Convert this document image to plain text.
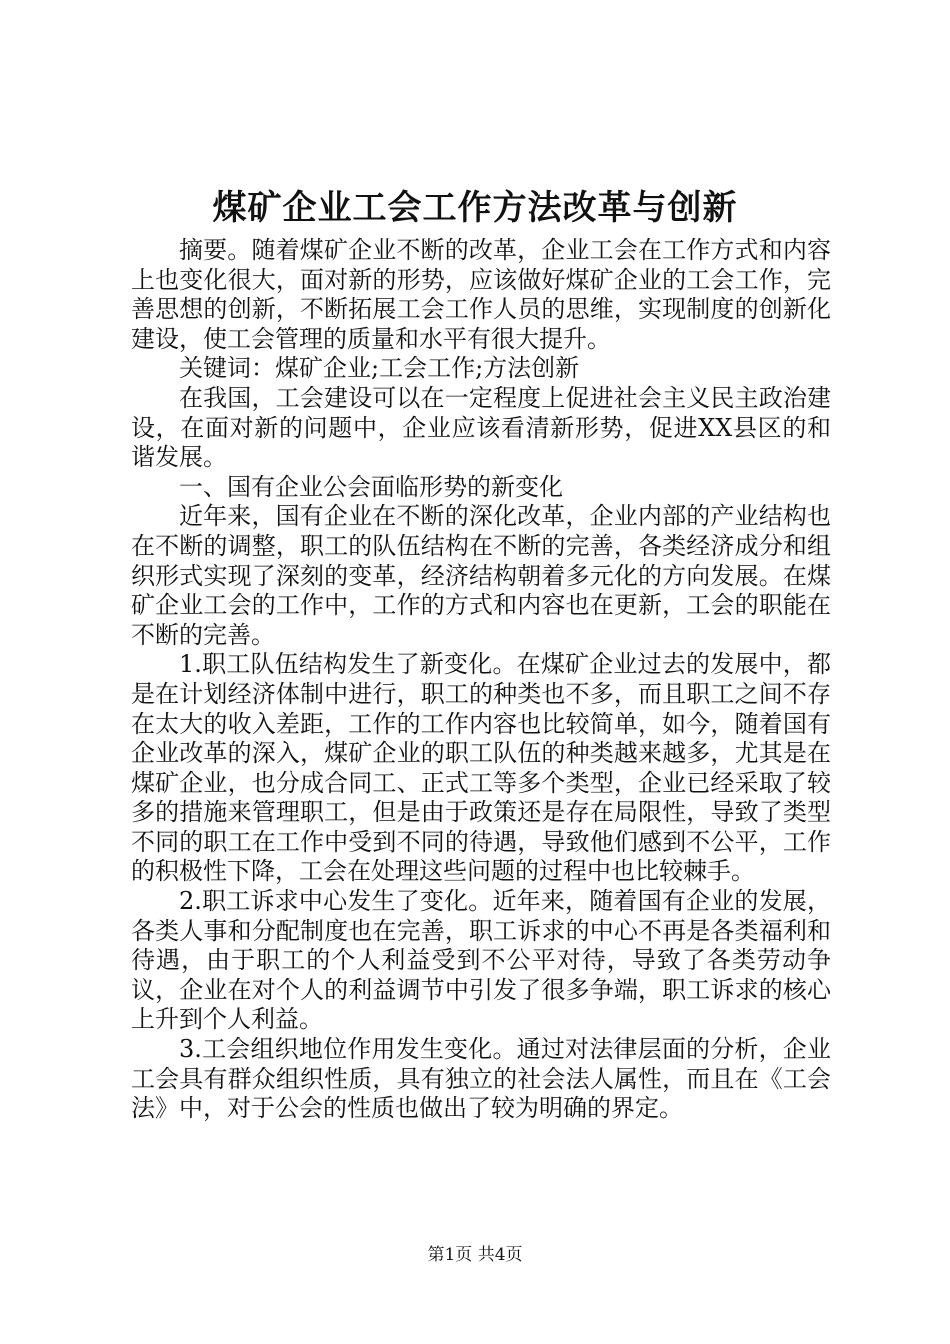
煤矿企业工会工作方法改革与创新

摘要。随着煤矿企业不断的改革，企业工会在工作方式和内容上也变化很大，面对新的形势，应该做好煤矿企业的工会工作，完善思想的创新，不断拓展工会工作人员的思维，实现制度的创新化建设，使工会管理的质量和水平有很大提升。

关键词：煤矿企业;工会工作;方法创新

在我国，工会建设可以在一定程度上促进社会主义民主政治建设，在面对新的问题中，企业应该看清新形势，促进XX县区的和谐发展。

一、国有企业公会面临形势的新变化

近年来，国有企业在不断的深化改革，企业内部的产业结构也在不断的调整，职工的队伍结构在不断的完善，各类经济成分和组织形式实现了深刻的变革，经济结构朝着多元化的方向发展。在煤矿企业工会的工作中，工作的方式和内容也在更新，工会的职能在不断的完善。

1.职工队伍结构发生了新变化。在煤矿企业过去的发展中，都是在计划经济体制中进行，职工的种类也不多，而且职工之间不存在太大的收入差距，工作的工作内容也比较简单，如今，随着国有企业改革的深入，煤矿企业的职工队伍的种类越来越多，尤其是在煤矿企业，也分成合同工、正式工等多个类型，企业已经采取了较多的措施来管理职工，但是由于政策还是存在局限性，导致了类型不同的职工在工作中受到不同的待遇，导致他们感到不公平，工作的积极性下降，工会在处理这些问题的过程中也比较棘手。

2.职工诉求中心发生了变化。近年来，随着国有企业的发展，各类人事和分配制度也在完善，职工诉求的中心不再是各类福利和待遇，由于职工的个人利益受到不公平对待，导致了各类劳动争议，企业在对个人的利益调节中引发了很多争端，职工诉求的核心上升到个人利益。

3.工会组织地位作用发生变化。通过对法律层面的分析，企业工会具有群众组织性质，具有独立的社会法人属性，而且在《工会法》中，对于公会的性质也做出了较为明确的界定。

第1页 共4页
